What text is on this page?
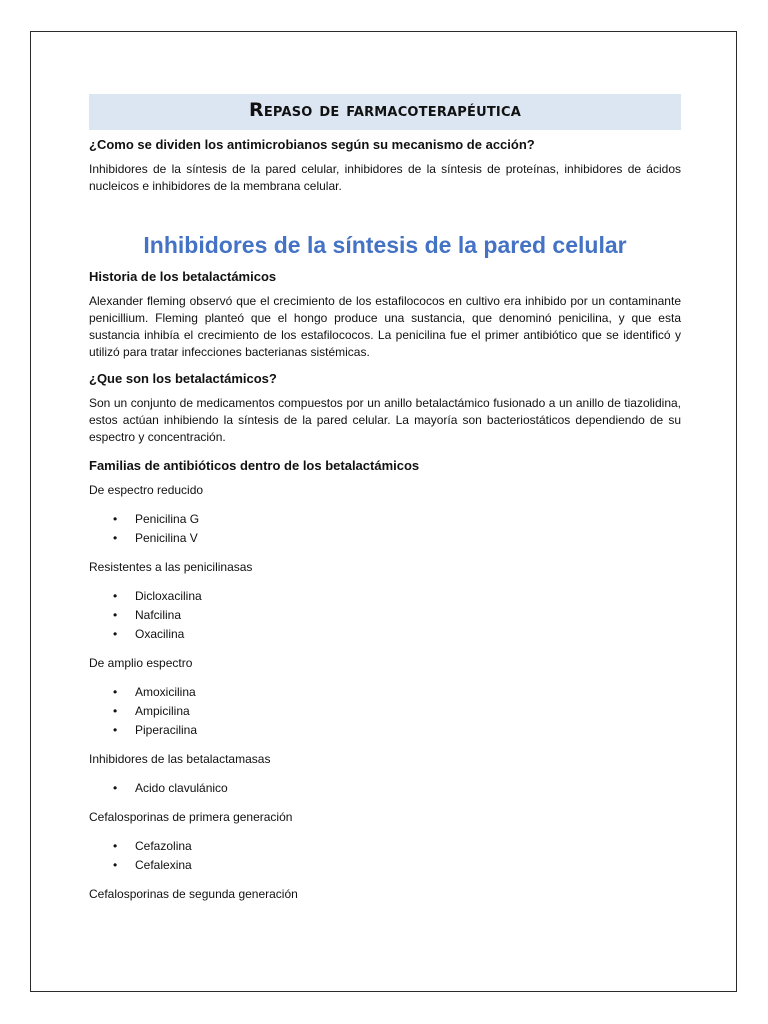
Repaso de farmacoterapéutica
¿Como se dividen los antimicrobianos según su mecanismo de acción?

Inhibidores de la síntesis de la pared celular, inhibidores de la síntesis de proteínas, inhibidores de ácidos nucleicos e inhibidores de la membrana celular.

Inhibidores de la síntesis de la pared celular
Historia de los betalactámicos

Alexander fleming observó que el crecimiento de los estafilococos en cultivo era inhibido por un contaminante penicillium. Fleming planteó que el hongo produce una sustancia, que denominó penicilina, y que esta sustancia inhibía el crecimiento de los estafilococos. La penicilina fue el primer antibiótico que se identificó y utilizó para tratar infecciones bacterianas sistémicas.

¿Que son los betalactámicos?

Son un conjunto de medicamentos compuestos por un anillo betalactámico fusionado a un anillo de tiazolidina, estos actúan inhibiendo la síntesis de la pared celular. La mayoría son bacteriostáticos dependiendo de su espectro y concentración.

Familias de antibióticos dentro de los betalactámicos
De espectro reducido
• Penicilina G
• Penicilina V
Resistentes a las penicilinasas
• Dicloxacilina
• Nafcilina
• Oxacilina
De amplio espectro
• Amoxicilina
• Ampicilina
• Piperacilina
Inhibidores de las betalactamasas
• Acido clavulánico
Cefalosporinas de primera generación
• Cefazolina
• Cefalexina
Cefalosporinas de segunda generación
